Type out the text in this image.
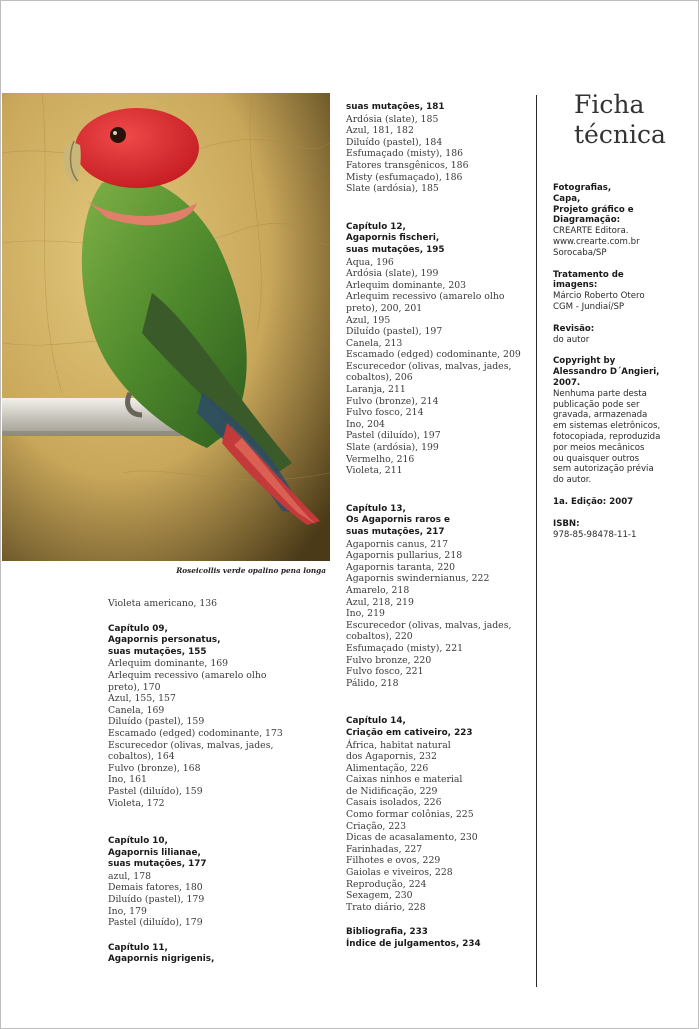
Roseicollis verde opalino pena longa
Violeta americano, 136
Capítulo 09,
Agapornis personatus,
suas mutações, 155
Arlequim dominante, 169
Arlequim recessivo (amarelo olho
preto), 170
Azul, 155, 157
Canela, 169
Diluído (pastel), 159
Escamado (edged) codominante, 173
Escurecedor (olivas, malvas, jades,
cobaltos), 164
Fulvo (bronze), 168
Ino, 161
Pastel (diluído), 159
Violeta, 172
Capítulo 10,
Agapornis lilianae,
suas mutações, 177
azul, 178
Demais fatores, 180
Diluído (pastel), 179
Ino, 179
Pastel (diluído), 179
Capítulo 11,
Agapornis nigrigenis,
suas mutações, 181
Ardósia (slate), 185
Azul, 181, 182
Diluído (pastel), 184
Esfumaçado (misty), 186
Fatores transgênicos, 186
Misty (esfumaçado), 186
Slate (ardósia), 185
Capítulo 12,
Agapornis fischeri,
suas mutações, 195
Aqua, 196
Ardósia (slate), 199
Arlequim dominante, 203
Arlequim recessivo (amarelo olho
preto), 200, 201
Azul, 195
Diluído (pastel), 197
Canela, 213
Escamado (edged) codominante, 209
Escurecedor (olivas, malvas, jades,
cobaltos), 206
Laranja, 211
Fulvo (bronze), 214
Fulvo fosco, 214
Ino, 204
Pastel (diluído), 197
Slate (ardósia), 199
Vermelho, 216
Violeta, 211
Capítulo 13,
Os Agapornis raros e
suas mutações, 217
Agapornis canus, 217
Agapornis pullarius, 218
Agapornis taranta, 220
Agapornis swindernianus, 222
Amarelo, 218
Azul, 218, 219
Ino, 219
Escurecedor (olivas, malvas, jades,
cobaltos), 220
Esfumaçado (misty), 221
Fulvo bronze, 220
Fulvo fosco, 221
Pálido, 218
Capítulo 14,
Criação em cativeiro, 223
África, habitat natural
dos Agapornis, 232
Alimentação, 226
Caixas ninhos e material
de Nidificação, 229
Casais isolados, 226
Como formar colônias, 225
Criação, 223
Dicas de acasalamento, 230
Farinhadas, 227
Filhotes e ovos, 229
Gaiolas e viveiros, 228
Reprodução, 224
Sexagem, 230
Trato diário, 228
Bibliografia, 233
Índice de julgamentos, 234
Ficha
técnica
Fotografias,
Capa,
Projeto gráfico e
Diagramação:
CREARTE Editora.
www.crearte.com.br
Sorocaba/SP
Tratamento de
imagens:
Márcio Roberto Otero
CGM - Jundiaí/SP
Revisão:
do autor
Copyright by
Alessandro D´Angieri,
2007.
Nenhuma parte desta
publicação pode ser
gravada, armazenada
em sistemas eletrônicos,
fotocopiada, reproduzida
por meios mecânicos
ou quaisquer outros
sem autorização prévia
do autor.
1a. Edição: 2007
ISBN:
978-85-98478-11-1
